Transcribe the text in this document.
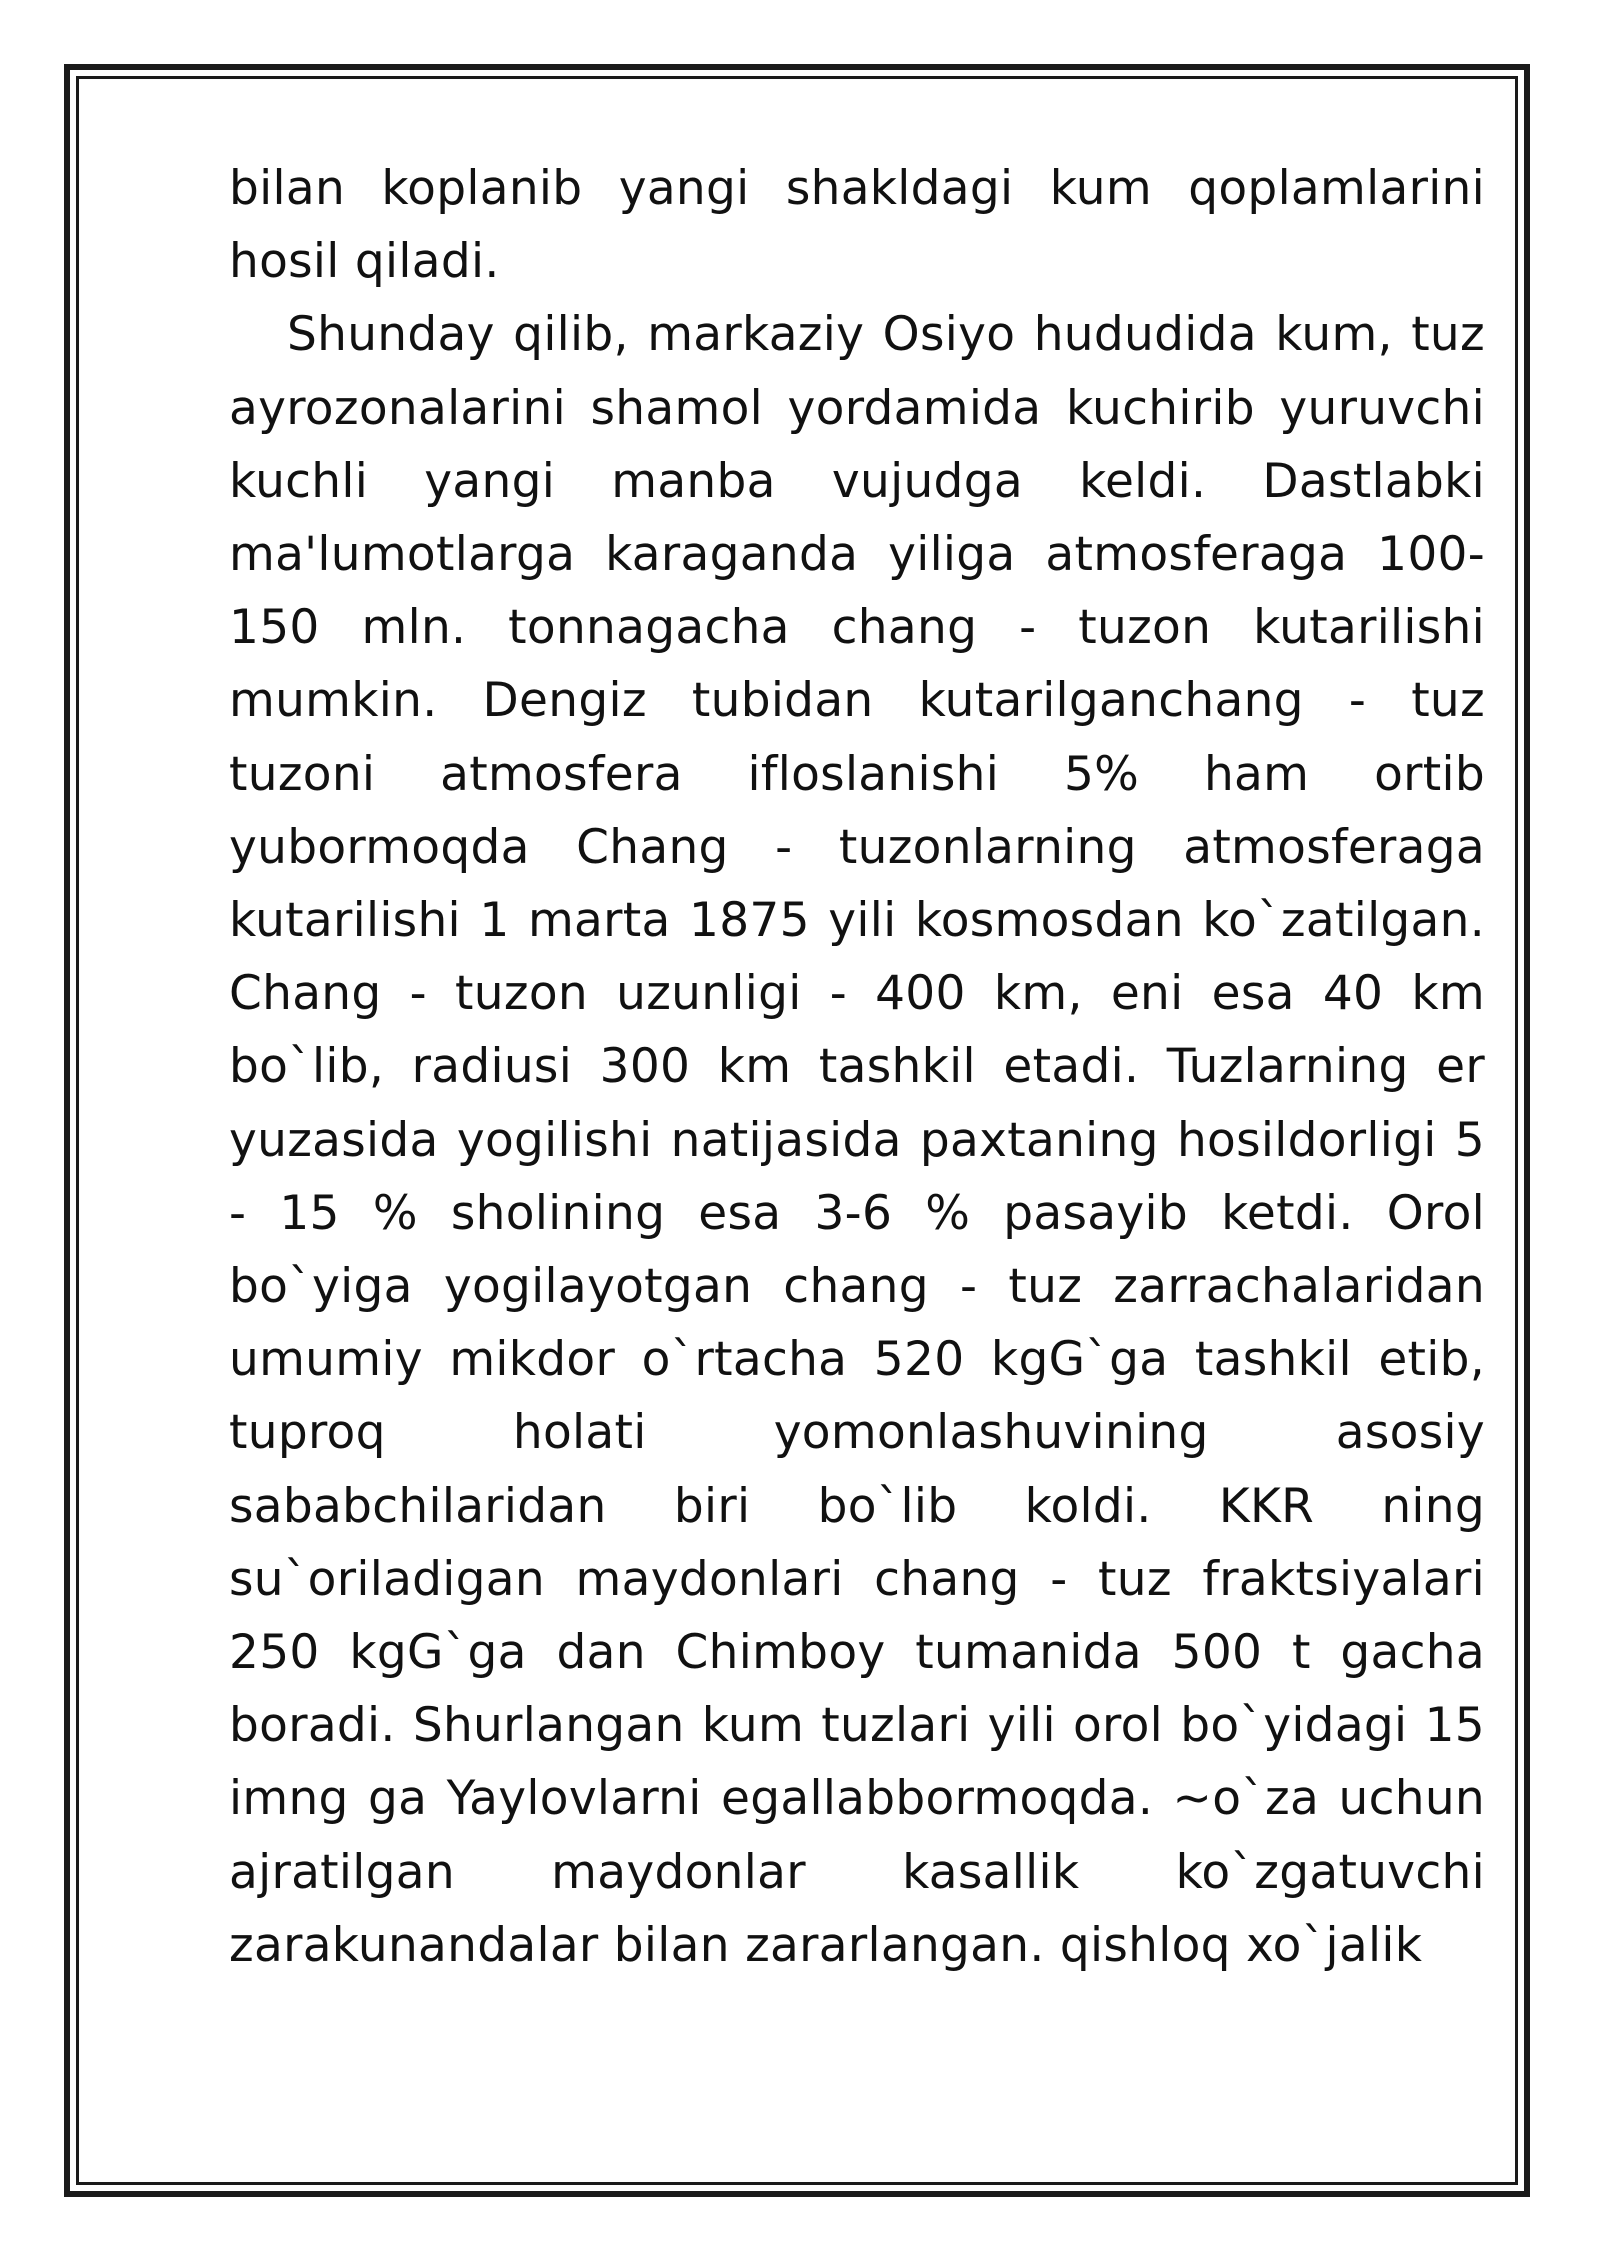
bilan koplanib yangi shakldagi kum qoplamlarini hosil qiladi.

Shunday qilib, markaziy Osiyo hududida kum, tuz ayrozonalarini shamol yordamida kuchirib yuruvchi kuchli yangi manba vujudga keldi. Dastlabki ma'lumotlarga karaganda yiliga atmosferaga 100-150 mln. tonnagacha chang - tuzon kutarilishi mumkin. Dengiz tubidan kutarilganchang - tuz tuzoni atmosfera ifloslanishi 5% ham ortib yubormoqda Chang - tuzonlarning atmosferaga kutarilishi 1 marta 1875 yili kosmosdan ko`zatilgan. Chang - tuzon uzunligi - 400 km, eni esa 40 km bo`lib, radiusi 300 km tashkil etadi. Tuzlarning er yuzasida yogilishi natijasida paxtaning hosildorligi 5 - 15 % sholining esa 3-6 % pasayib ketdi. Orol bo`yiga yogilayotgan chang - tuz zarrachalaridan umumiy mikdor o`rtacha 520 kgG`ga tashkil etib, tuproq holati yomonlashuvining asosiy sababchilaridan biri bo`lib koldi. KKR ning su`oriladigan maydonlari chang - tuz fraktsiyalari 250 kgG`ga dan Chimboy tumanida 500 t gacha boradi. Shurlangan kum tuzlari yili orol bo`yidagi 15 imng ga Yaylovlarni egallabbormoqda. ~o`za uchun ajratilgan maydonlar kasallik ko`zgatuvchi zarakunandalar bilan zararlangan. qishloq xo`jalik
